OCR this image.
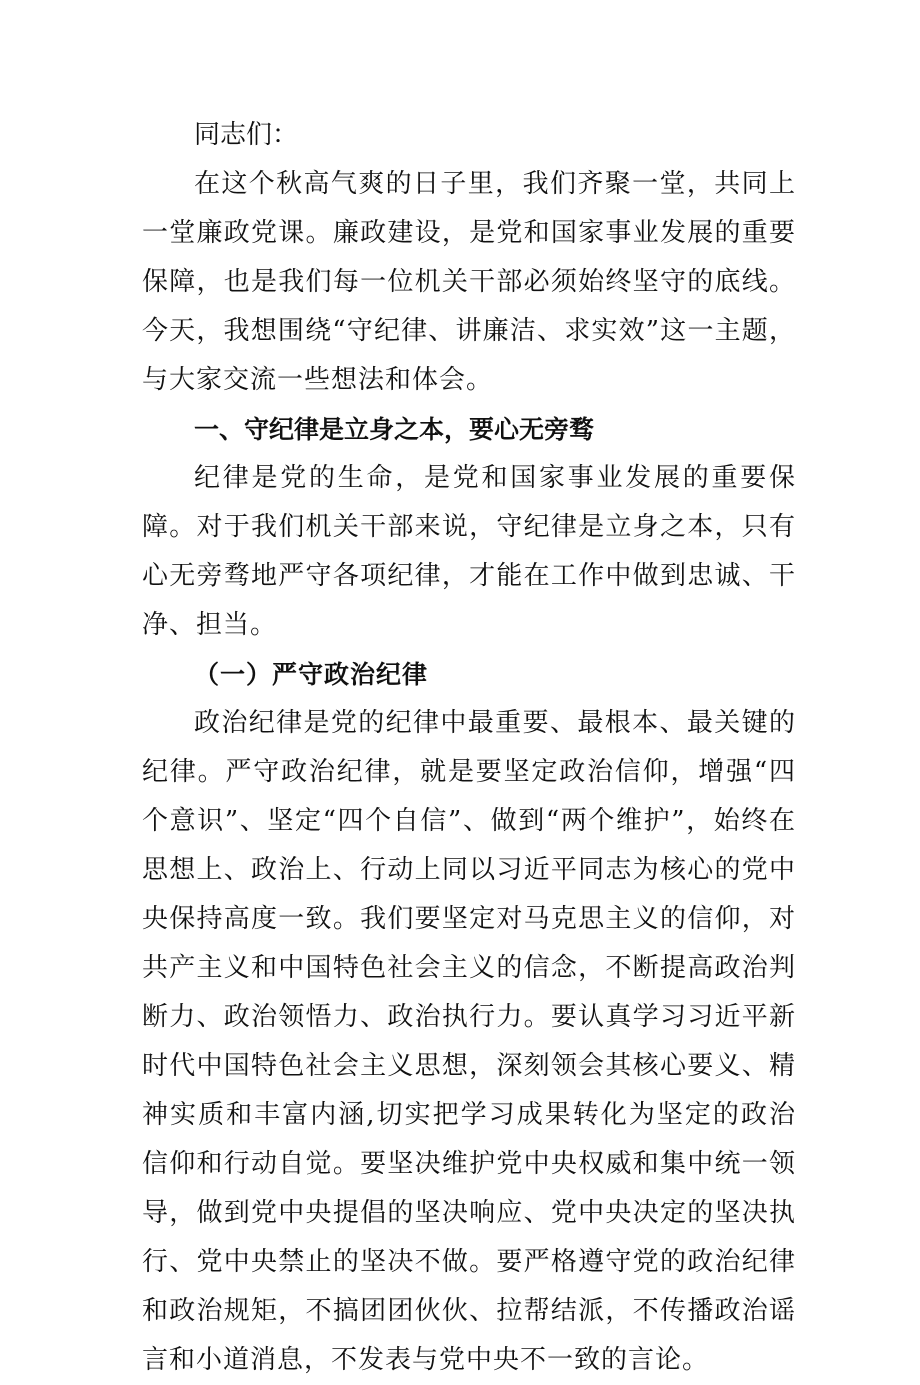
同志们：

在这个秋高气爽的日子里，我们齐聚一堂，共同上一堂廉政党课。廉政建设，是党和国家事业发展的重要保障，也是我们每一位机关干部必须始终坚守的底线。今天，我想围绕“守纪律、讲廉洁、求实效”这一主题，与大家交流一些想法和体会。

一、守纪律是立身之本，要心无旁骛

纪律是党的生命，是党和国家事业发展的重要保障。对于我们机关干部来说，守纪律是立身之本，只有心无旁骛地严守各项纪律，才能在工作中做到忠诚、干净、担当。

（一）严守政治纪律

政治纪律是党的纪律中最重要、最根本、最关键的纪律。严守政治纪律，就是要坚定政治信仰，增强“四个意识”、坚定“四个自信”、做到“两个维护”，始终在思想上、政治上、行动上同以习近平同志为核心的党中央保持高度一致。我们要坚定对马克思主义的信仰，对共产主义和中国特色社会主义的信念，不断提高政治判断力、政治领悟力、政治执行力。要认真学习习近平新时代中国特色社会主义思想，深刻领会其核心要义、精神实质和丰富内涵,切实把学习成果转化为坚定的政治信仰和行动自觉。要坚决维护党中央权威和集中统一领导，做到党中央提倡的坚决响应、党中央决定的坚决执行、党中央禁止的坚决不做。要严格遵守党的政治纪律和政治规矩，不搞团团伙伙、拉帮结派，不传播政治谣言和小道消息，不发表与党中央不一致的言论。
